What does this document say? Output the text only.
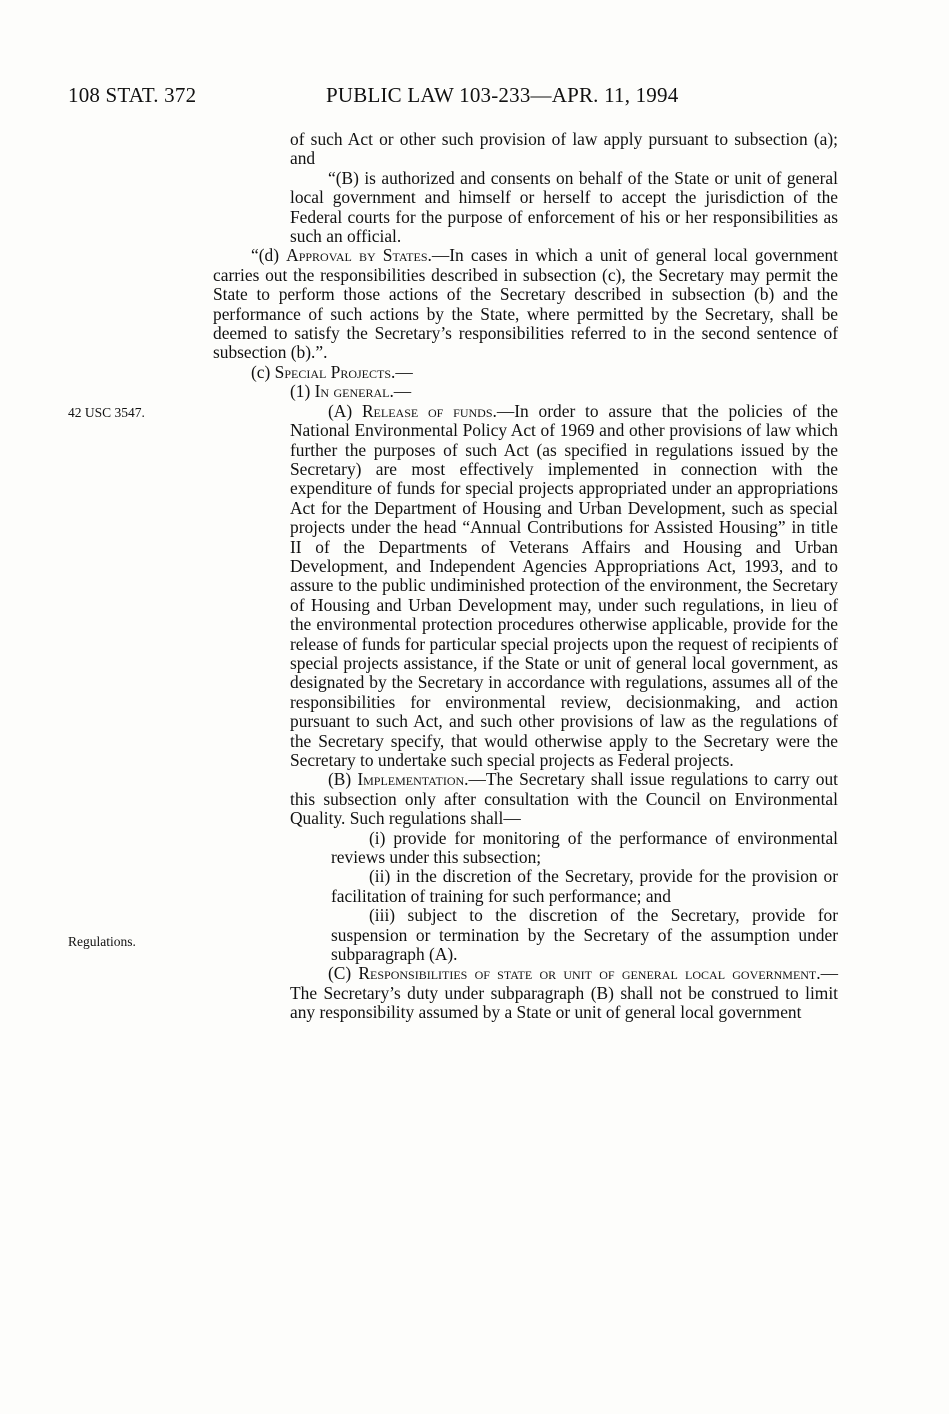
108 STAT. 372	PUBLIC LAW 103-233—APR. 11, 1994
42 USC 3547.
Regulations.

of such Act or other such provision of law apply pursuant to subsection (a); and

“(B) is authorized and consents on behalf of the State or unit of general local government and himself or herself to accept the jurisdiction of the Federal courts for the purpose of enforcement of his or her responsibilities as such an official.

“(d) Approval by States.—In cases in which a unit of general local government carries out the responsibilities described in subsection (c), the Secretary may permit the State to perform those actions of the Secretary described in subsection (b) and the performance of such actions by the State, where permitted by the Secretary, shall be deemed to satisfy the Secretary’s responsibilities referred to in the second sentence of subsection (b).”.

(c) Special Projects.—

(1) In general.—

(A) Release of funds.—In order to assure that the policies of the National Environmental Policy Act of 1969 and other provisions of law which further the purposes of such Act (as specified in regulations issued by the Secretary) are most effectively implemented in connection with the expenditure of funds for special projects appropriated under an appropriations Act for the Department of Housing and Urban Development, such as special projects under the head “Annual Contributions for Assisted Housing” in title II of the Departments of Veterans Affairs and Housing and Urban Development, and Independent Agencies Appropriations Act, 1993, and to assure to the public undiminished protection of the environment, the Secretary of Housing and Urban Development may, under such regulations, in lieu of the environmental protection procedures otherwise applicable, provide for the release of funds for particular special projects upon the request of recipients of special projects assistance, if the State or unit of general local government, as designated by the Secretary in accordance with regulations, assumes all of the responsibilities for environmental review, decisionmaking, and action pursuant to such Act, and such other provisions of law as the regulations of the Secretary specify, that would otherwise apply to the Secretary were the Secretary to undertake such special projects as Federal projects.

(B) Implementation.—The Secretary shall issue regulations to carry out this subsection only after consultation with the Council on Environmental Quality. Such regulations shall—

(i) provide for monitoring of the performance of environmental reviews under this subsection;

(ii) in the discretion of the Secretary, provide for the provision or facilitation of training for such performance; and

(iii) subject to the discretion of the Secretary, provide for suspension or termination by the Secretary of the assumption under subparagraph (A).

(C) Responsibilities of state or unit of general local government.—The Secretary’s duty under subparagraph (B) shall not be construed to limit any responsibility assumed by a State or unit of general local government
